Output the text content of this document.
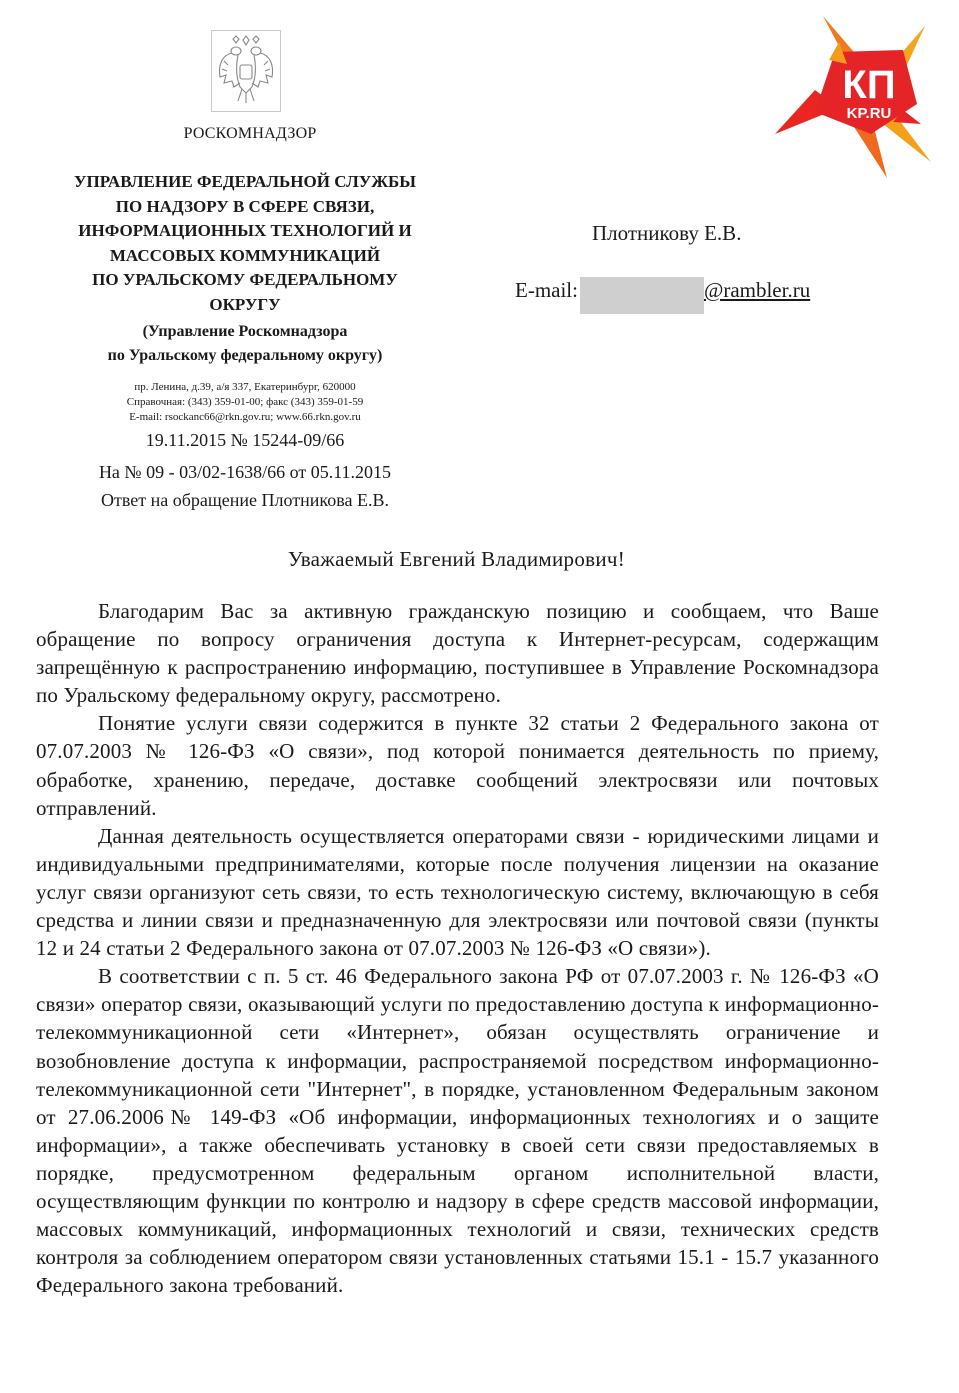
РОСКОМНАДЗОР
УПРАВЛЕНИЕ ФЕДЕРАЛЬНОЙ СЛУЖБЫ
ПО НАДЗОРУ В СФЕРЕ СВЯЗИ,
ИНФОРМАЦИОННЫХ ТЕХНОЛОГИЙ И
МАССОВЫХ КОММУНИКАЦИЙ
ПО УРАЛЬСКОМУ ФЕДЕРАЛЬНОМУ
ОКРУГУ
(Управление Роскомнадзора
по Уральскому федеральному округу)
пр. Ленина, д.39, а/я 337, Екатеринбург, 620000
Справочная: (343) 359-01-00; факс (343) 359-01-59
E-mail: rsockanc66@rkn.gov.ru; www.66.rkn.gov.ru
19.11.2015 № 15244-09/66
На № 09 - 03/02-1638/66 от 05.11.2015
Ответ на обращение Плотникова Е.В.
Плотникову Е.В.
E-mail:	@rambler.ru
КП
KP.RU
Уважаемый Евгений Владимирович!

Благодарим Вас за активную гражданскую позицию и сообщаем, что Ваше обращение по вопросу ограничения доступа к Интернет-ресурсам, содержащим запрещённую к распространению информацию, поступившее в Управление Роскомнадзора по Уральскому федеральному округу, рассмотрено.

Понятие услуги связи содержится в пункте 32 статьи 2 Федерального закона от 07.07.2003 № 126-ФЗ «О связи», под которой понимается деятельность по приему, обработке, хранению, передаче, доставке сообщений электросвязи или почтовых отправлений.

Данная деятельность осуществляется операторами связи - юридическими лицами и индивидуальными предпринимателями, которые после получения лицензии на оказание услуг связи организуют сеть связи, то есть технологическую систему, включающую в себя средства и линии связи и предназначенную для электросвязи или почтовой связи (пункты 12 и 24 статьи 2 Федерального закона от 07.07.2003 № 126-ФЗ «О связи»).

В соответствии с п. 5 ст. 46 Федерального закона РФ от 07.07.2003 г. № 126-ФЗ «О связи» оператор связи, оказывающий услуги по предоставлению доступа к информационно-телекоммуникационной сети «Интернет», обязан осуществлять ограничение и возобновление доступа к информации, распространяемой посредством информационно-телекоммуникационной сети "Интернет", в порядке, установленном Федеральным законом от 27.06.2006№ 149-ФЗ «Об информации, информационных технологиях и о защите информации», а также обеспечивать установку в своей сети связи предоставляемых в порядке, предусмотренном федеральным органом исполнительной власти, осуществляющим функции по контролю и надзору в сфере средств массовой информации, массовых коммуникаций, информационных технологий и связи, технических средств контроля за соблюдением оператором связи установленных статьями 15.1 - 15.7 указанного Федерального закона требований.
